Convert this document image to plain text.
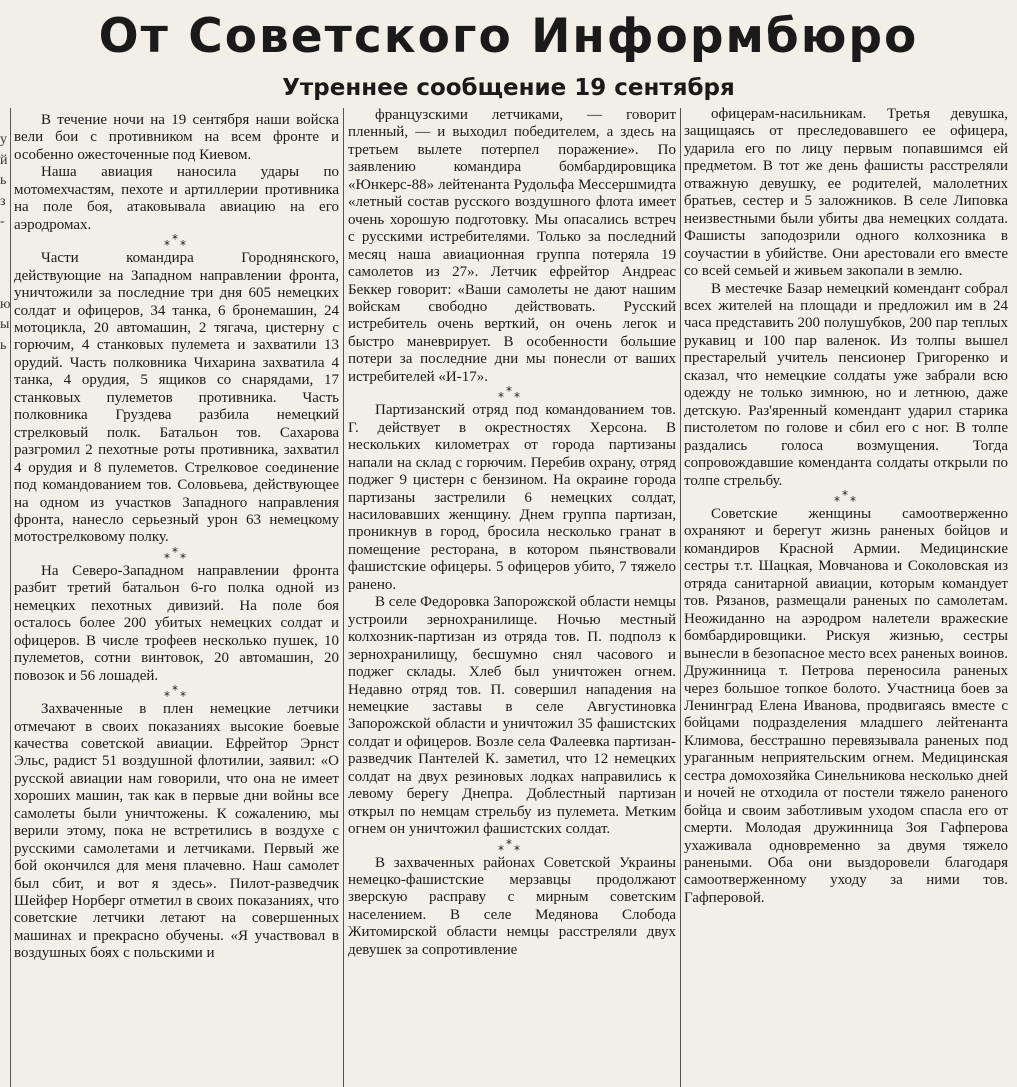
От Советского Информбюро
Утреннее сообщение 19 сентября
у
й
ь
з
-

ю
ы
ь

В течение ночи на 19 сентября наши войска вели бои с противником на всем фронте и особенно ожесточенные под Киевом.

Наша авиация наносила удары по мотомехчастям, пехоте и артиллерии противника на поле боя, атаковывала авиацию на его аэродромах.

* * *

Части командира Городнянского, действующие на Западном направлении фронта, уничтожили за последние три дня 605 немецких солдат и офицеров, 34 танка, 6 бронемашин, 24 мотоцикла, 20 автомашин, 2 тягача, цистерну с горючим, 4 станковых пулемета и захватили 13 орудий. Часть полковника Чихарина захватила 4 танка, 4 орудия, 5 ящиков со снарядами, 17 станковых пулеметов противника. Часть полковника Груздева разбила немецкий стрелковый полк. Батальон тов. Сахарова разгромил 2 пехотные роты противника, захватил 4 орудия и 8 пулеметов. Стрелковое соединение под командованием тов. Соловьева, действующее на одном из участков Западного направления фронта, нанесло серьезный урон 63 немецкому мотострелковому полку.

* * *

На Северо-Западном направлении фронта разбит третий батальон 6-го полка одной из немецких пехотных дивизий. На поле боя осталось более 200 убитых немецких солдат и офицеров. В числе трофеев несколько пушек, 10 пулеметов, сотни винтовок, 20 автомашин, 20 повозок и 56 лошадей.

* * *

Захваченные в плен немецкие летчики отмечают в своих показаниях высокие боевые качества советской авиации. Ефрейтор Эрнст Эльс, радист 51 воздушной флотилии, заявил: «О русской авиации нам говорили, что она не имеет хороших машин, так как в первые дни войны все самолеты были уничтожены. К сожалению, мы верили этому, пока не встретились в воздухе с русскими самолетами и летчиками. Первый же бой окончился для меня плачевно. Наш самолет был сбит, и вот я здесь». Пилот-разведчик Шейфер Норберг отметил в своих показаниях, что советские летчики летают на совершенных машинах и прекрасно обучены. «Я участвовал в воздушных боях с польскими и

французскими летчиками, — говорит пленный, — и выходил победителем, а здесь на третьем вылете потерпел поражение». По заявлению командира бомбардировщика «Юнкерс-88» лейтенанта Рудольфа Мессершмидта «летный состав русского воздушного флота имеет очень хорошую подготовку. Мы опасались встреч с русскими истребителями. Только за последний месяц наша авиационная группа потеряла 19 самолетов из 27». Летчик ефрейтор Андреас Беккер говорит: «Ваши самолеты не дают нашим войскам свободно действовать. Русский истребитель очень верткий, он очень легок и быстро маневрирует. В особенности большие потери за последние дни мы понесли от ваших истребителей «И-17».

* * *

Партизанский отряд под командованием тов. Г. действует в окрестностях Херсона. В нескольких километрах от города партизаны напали на склад с горючим. Перебив охрану, отряд поджег 9 цистерн с бензином. На окраине города партизаны застрелили 6 немецких солдат, насиловавших женщину. Днем группа партизан, проникнув в город, бросила несколько гранат в помещение ресторана, в котором пьянствовали фашистские офицеры. 5 офицеров убито, 7 тяжело ранено.

В селе Федоровка Запорожской области немцы устроили зернохранилище. Ночью местный колхозник-партизан из отряда тов. П. подполз к зернохранилищу, бесшумно снял часового и поджег склады. Хлеб был уничтожен огнем. Недавно отряд тов. П. совершил нападения на немецкие заставы в селе Августиновка Запорожской области и уничтожил 35 фашистских солдат и офицеров. Возле села Фалеевка партизан-разведчик Пантелей К. заметил, что 12 немецких солдат на двух резиновых лодках направились к левому берегу Днепра. Доблестный партизан открыл по немцам стрельбу из пулемета. Метким огнем он уничтожил фашистских солдат.

* * *

В захваченных районах Советской Украины немецко-фашистские мерзавцы продолжают зверскую расправу с мирным советским населением. В селе Медянова Слобода Житомирской области немцы расстреляли двух девушек за сопротивление

офицерам-насильникам. Третья девушка, защищаясь от преследовавшего ее офицера, ударила его по лицу первым попавшимся ей предметом. В тот же день фашисты расстреляли отважную девушку, ее родителей, малолетних братьев, сестер и 5 заложников. В селе Липовка неизвестными были убиты два немецких солдата. Фашисты заподозрили одного колхозника в соучастии в убийстве. Они арестовали его вместе со всей семьей и живьем закопали в землю.

В местечке Базар немецкий комендант собрал всех жителей на площади и предложил им в 24 часа представить 200 полушубков, 200 пар теплых рукавиц и 100 пар валенок. Из толпы вышел престарелый учитель пенсионер Григоренко и сказал, что немецкие солдаты уже забрали всю одежду не только зимнюю, но и летнюю, даже детскую. Раз'яренный комендант ударил старика пистолетом по голове и сбил его с ног. В толпе раздались голоса возмущения. Тогда сопровождавшие коменданта солдаты открыли по толпе стрельбу.

* * *

Советские женщины самоотверженно охраняют и берегут жизнь раненых бойцов и командиров Красной Армии. Медицинские сестры т.т. Шацкая, Мовчанова и Соколовская из отряда санитарной авиации, которым командует тов. Рязанов, размещали раненых по самолетам. Неожиданно на аэродром налетели вражеские бомбардировщики. Рискуя жизнью, сестры вынесли в безопасное место всех раненых воинов. Дружинница т. Петрова переносила раненых через большое топкое болото. Участница боев за Ленинград Елена Иванова, продвигаясь вместе с бойцами подразделения младшего лейтенанта Климова, бесстрашно перевязывала раненых под ураганным неприятельским огнем. Медицинская сестра домохозяйка Синельникова несколько дней и ночей не отходила от постели тяжело раненого бойца и своим заботливым уходом спасла его от смерти. Молодая дружинница Зоя Гафперова ухаживала одновременно за двумя тяжело ранеными. Оба они выздоровели благодаря самоотверженному уходу за ними тов. Гафперовой.
